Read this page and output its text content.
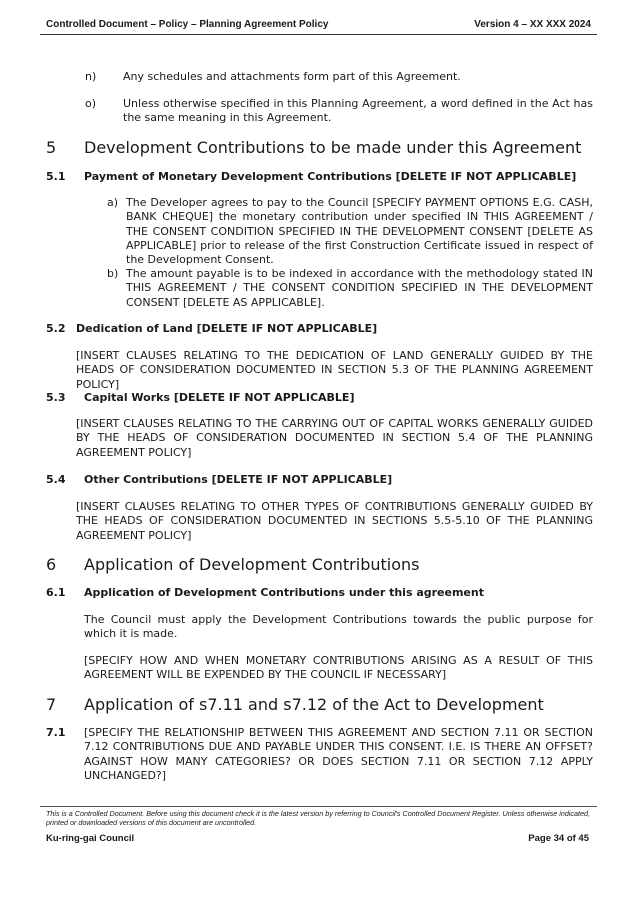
Controlled Document – Policy – Planning Agreement Policy	Version 4 – XX XXX 2024
n) Any schedules and attachments form part of this Agreement.
o) Unless otherwise specified in this Planning Agreement, a word defined in the Act has the same meaning in this Agreement.
5 Development Contributions to be made under this Agreement
5.1 Payment of Monetary Development Contributions [DELETE IF NOT APPLICABLE]
a) The Developer agrees to pay to the Council [SPECIFY PAYMENT OPTIONS E.G. CASH, BANK CHEQUE] the monetary contribution under specified IN THIS AGREEMENT / THE CONSENT CONDITION SPECIFIED IN THE DEVELOPMENT CONSENT [DELETE AS APPLICABLE] prior to release of the first Construction Certificate issued in respect of the Development Consent.
b) The amount payable is to be indexed in accordance with the methodology stated IN THIS AGREEMENT / THE CONSENT CONDITION SPECIFIED IN THE DEVELOPMENT CONSENT [DELETE AS APPLICABLE].
5.2 Dedication of Land [DELETE IF NOT APPLICABLE]
[INSERT CLAUSES RELATING TO THE DEDICATION OF LAND GENERALLY GUIDED BY THE HEADS OF CONSIDERATION DOCUMENTED IN SECTION 5.3 OF THE PLANNING AGREEMENT POLICY]
5.3 Capital Works [DELETE IF NOT APPLICABLE]
[INSERT CLAUSES RELATING TO THE CARRYING OUT OF CAPITAL WORKS GENERALLY GUIDED BY THE HEADS OF CONSIDERATION DOCUMENTED IN SECTION 5.4 OF THE PLANNING AGREEMENT POLICY]
5.4 Other Contributions [DELETE IF NOT APPLICABLE]
[INSERT CLAUSES RELATING TO OTHER TYPES OF CONTRIBUTIONS GENERALLY GUIDED BY THE HEADS OF CONSIDERATION DOCUMENTED IN SECTIONS 5.5-5.10 OF THE PLANNING AGREEMENT POLICY]
6 Application of Development Contributions
6.1 Application of Development Contributions under this agreement
The Council must apply the Development Contributions towards the public purpose for which it is made.
[SPECIFY HOW AND WHEN MONETARY CONTRIBUTIONS ARISING AS A RESULT OF THIS AGREEMENT WILL BE EXPENDED BY THE COUNCIL IF NECESSARY]
7 Application of s7.11 and s7.12 of the Act to Development
7.1 [SPECIFY THE RELATIONSHIP BETWEEN THIS AGREEMENT AND SECTION 7.11 OR SECTION 7.12 CONTRIBUTIONS DUE AND PAYABLE UNDER THIS CONSENT. I.E. IS THERE AN OFFSET? AGAINST HOW MANY CATEGORIES? OR DOES SECTION 7.11 OR SECTION 7.12 APPLY UNCHANGED?]
This is a Controlled Document. Before using this document check it is the latest version by referring to Council's Controlled Document Register. Unless otherwise indicated, printed or downloaded versions of this document are uncontrolled.
Ku-ring-gai Council	Page 34 of 45
